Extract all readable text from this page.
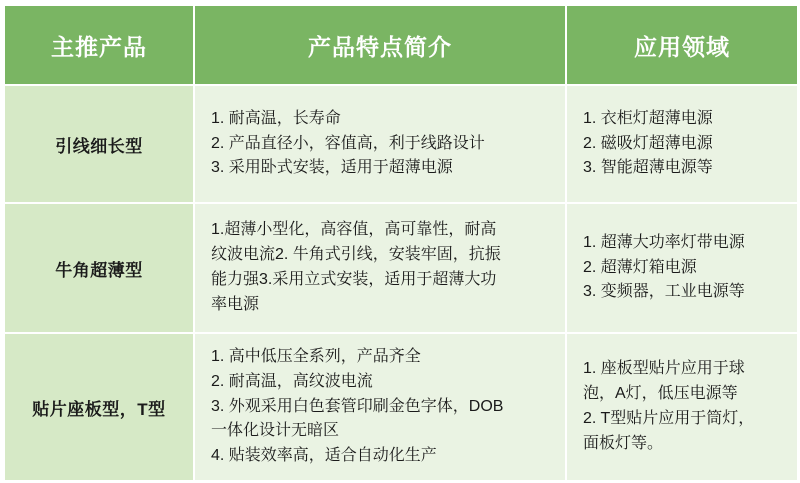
主推产品	产品特点简介	应用领域
引线细长型	1. 耐高温，长寿命
2. 产品直径小，容值高，利于线路设计
3. 采用卧式安装，适用于超薄电源	1. 衣柜灯超薄电源
2. 磁吸灯超薄电源
3. 智能超薄电源等

牛角超薄型	1.超薄小型化，高容值，高可靠性，耐高
纹波电流2. 牛角式引线，安装牢固，抗振
能力强3.采用立式安装，适用于超薄大功
率电源	1. 超薄大功率灯带电源
2. 超薄灯箱电源
3. 变频器，工业电源等

贴片座板型，T型	1. 高中低压全系列，产品齐全
2. 耐高温，高纹波电流
3. 外观采用白色套管印刷金色字体，DOB
一体化设计无暗区
4. 贴装效率高，适合自动化生产	1. 座板型贴片应用于球
泡，A灯，低压电源等
2. T型贴片应用于筒灯，
面板灯等。
